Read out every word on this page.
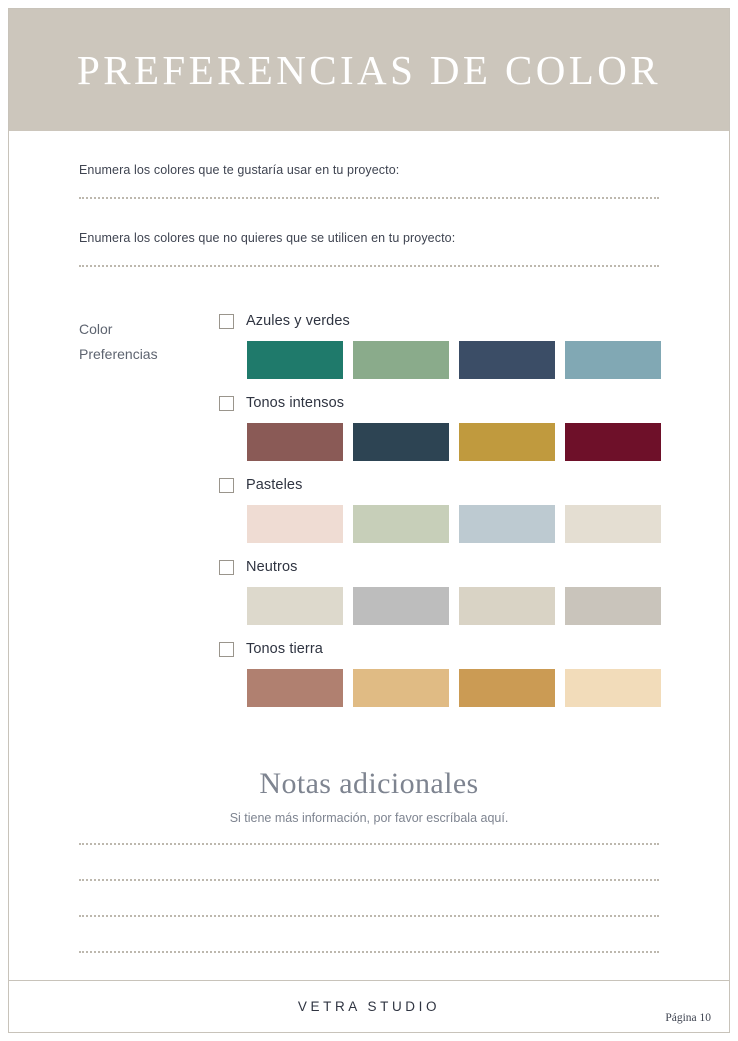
PREFERENCIAS DE COLOR
Enumera los colores que te gustaría usar en tu proyecto:
Enumera los colores que no quieres que se utilicen en tu proyecto:
Color
Preferencias
Azules y verdes
Tonos intensos
Pasteles
Neutros
Tonos tierra
Notas adicionales
Si tiene más información, por favor escríbala aquí.
VETRA STUDIO
Página 10
